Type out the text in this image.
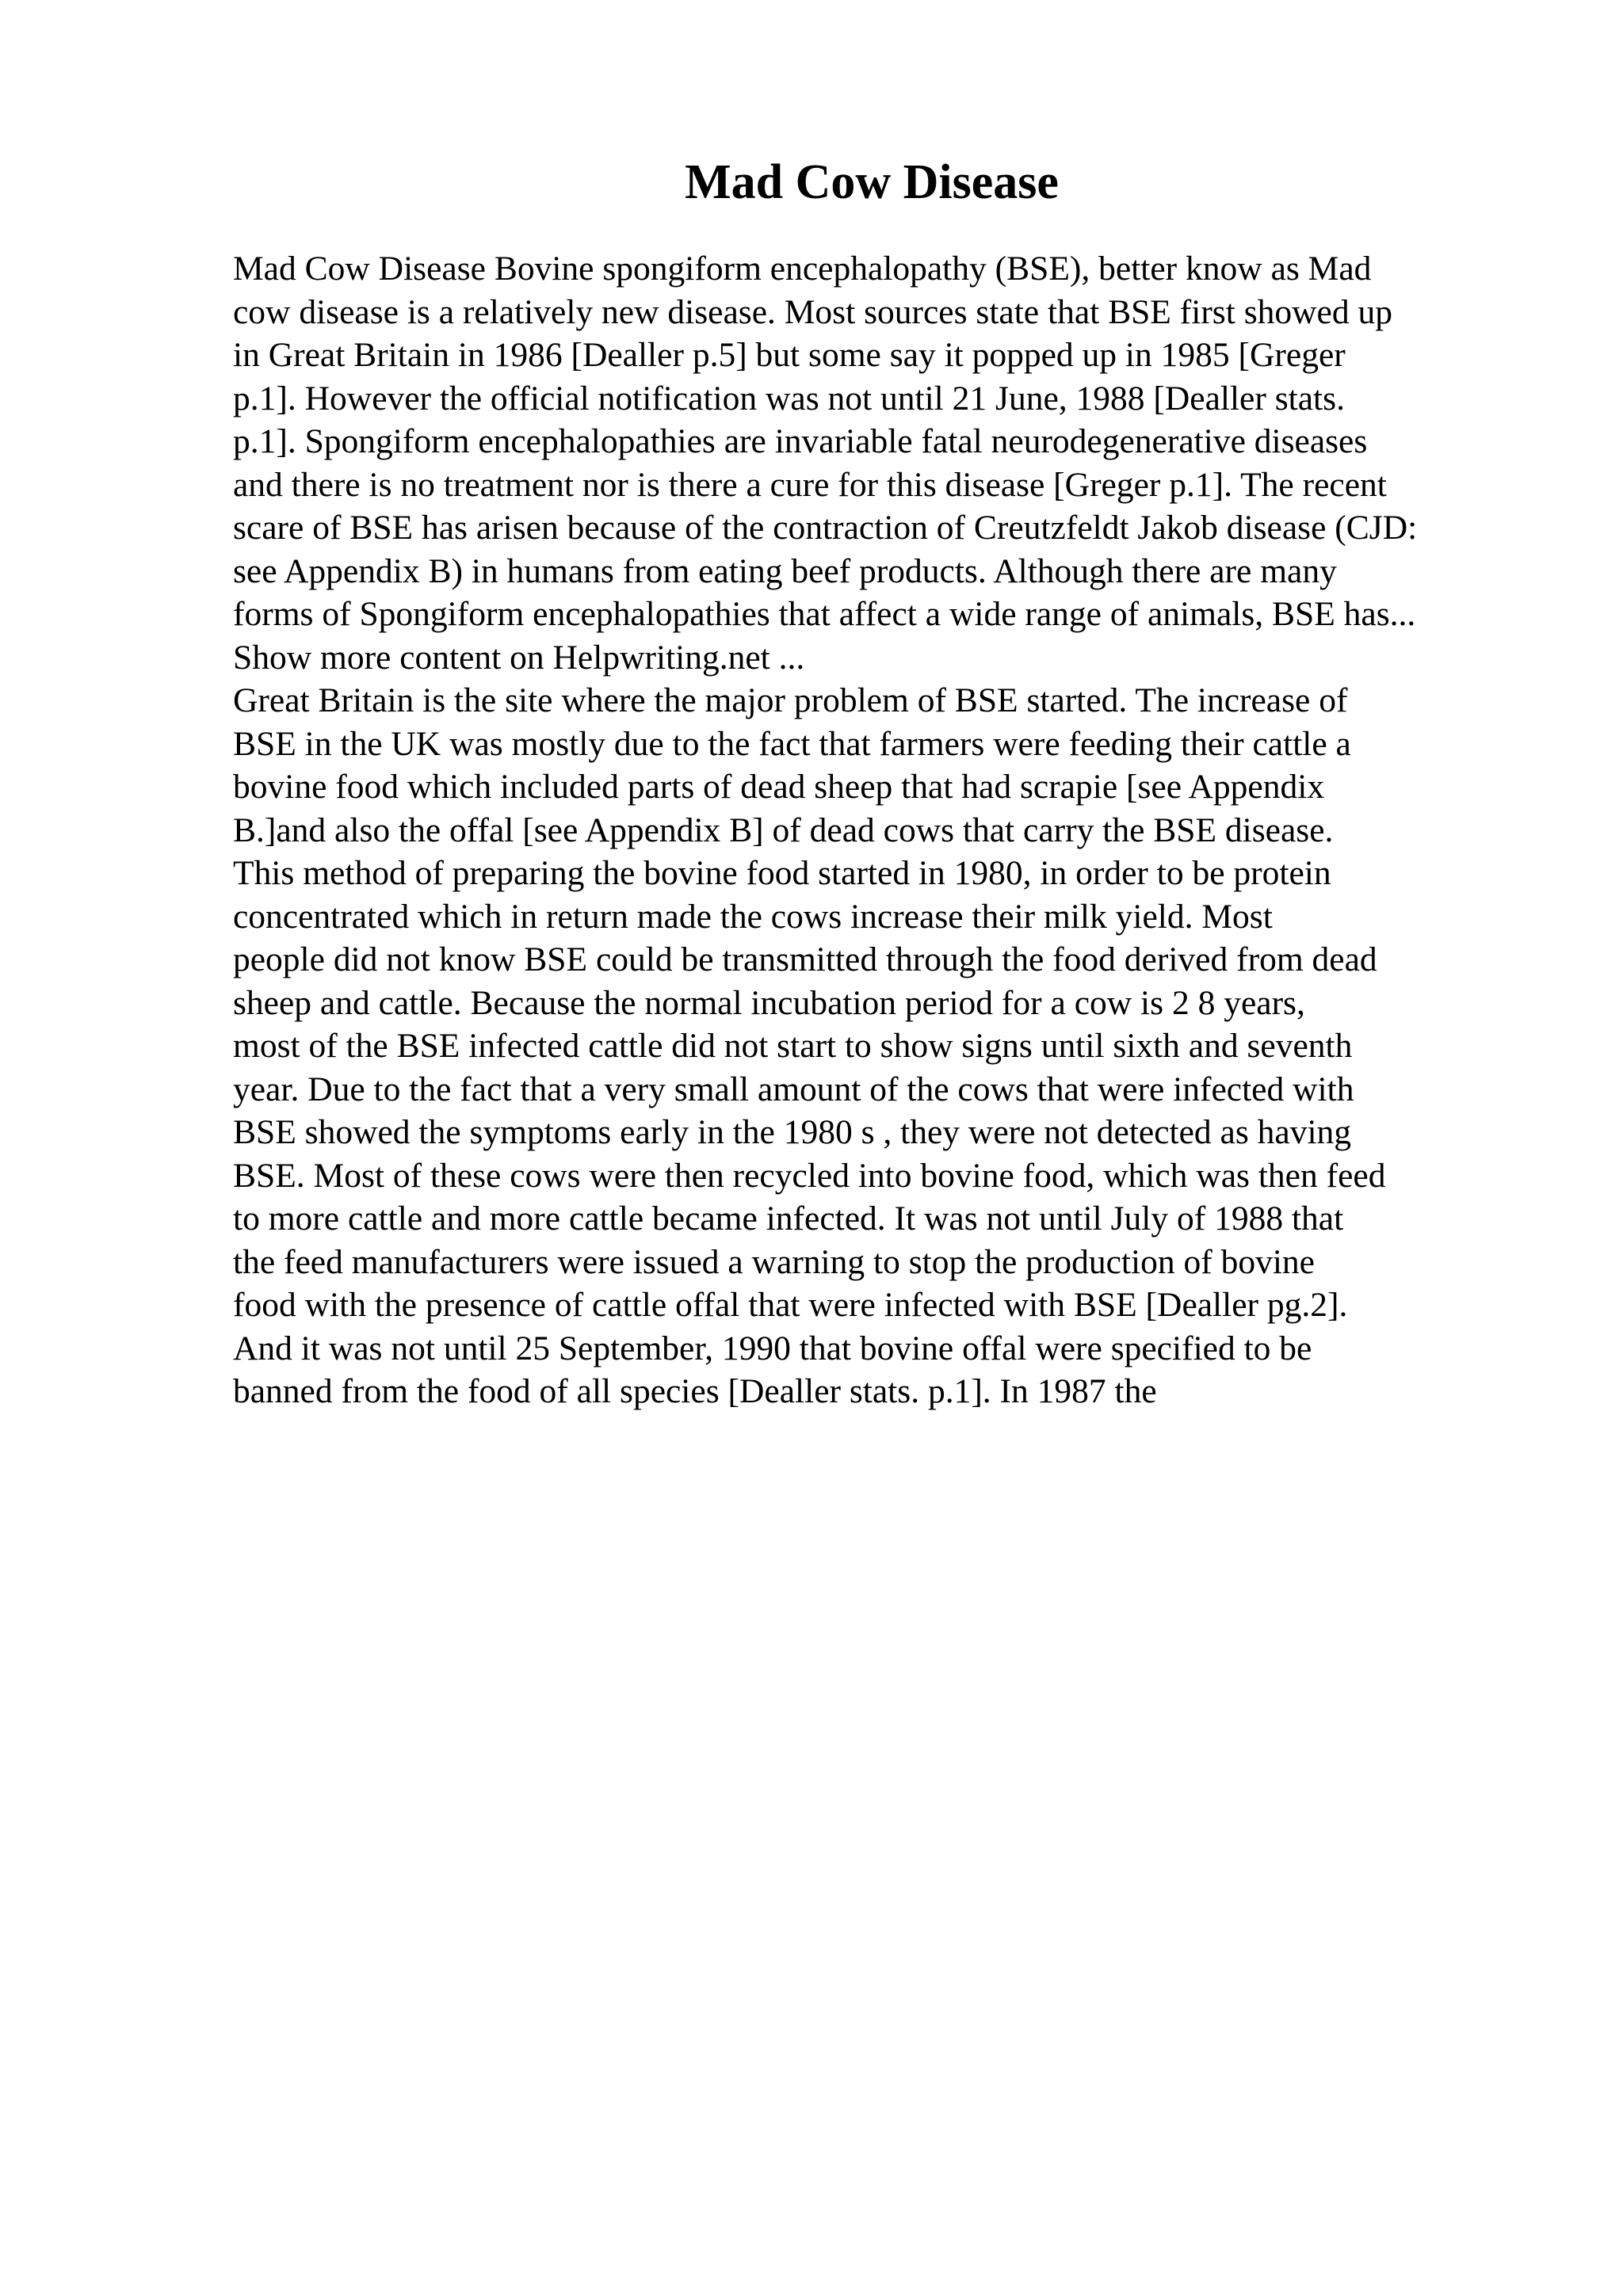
Mad Cow Disease
Mad Cow Disease Bovine spongiform encephalopathy (BSE), better know as Mad
cow disease is a relatively new disease. Most sources state that BSE first showed up
in Great Britain in 1986 [Dealler p.5] but some say it popped up in 1985 [Greger
p.1]. However the official notification was not until 21 June, 1988 [Dealler stats.
p.1]. Spongiform encephalopathies are invariable fatal neurodegenerative diseases
and there is no treatment nor is there a cure for this disease [Greger p.1]. The recent
scare of BSE has arisen because of the contraction of Creutzfeldt Jakob disease (CJD:
see Appendix B) in humans from eating beef products. Although there are many
forms of Spongiform encephalopathies that affect a wide range of animals, BSE has...
Show more content on Helpwriting.net ...
Great Britain is the site where the major problem of BSE started. The increase of
BSE in the UK was mostly due to the fact that farmers were feeding their cattle a
bovine food which included parts of dead sheep that had scrapie [see Appendix
B.]and also the offal [see Appendix B] of dead cows that carry the BSE disease.
This method of preparing the bovine food started in 1980, in order to be protein
concentrated which in return made the cows increase their milk yield. Most
people did not know BSE could be transmitted through the food derived from dead
sheep and cattle. Because the normal incubation period for a cow is 2 8 years,
most of the BSE infected cattle did not start to show signs until sixth and seventh
year. Due to the fact that a very small amount of the cows that were infected with
BSE showed the symptoms early in the 1980 s , they were not detected as having
BSE. Most of these cows were then recycled into bovine food, which was then feed
to more cattle and more cattle became infected. It was not until July of 1988 that
the feed manufacturers were issued a warning to stop the production of bovine
food with the presence of cattle offal that were infected with BSE [Dealler pg.2].
And it was not until 25 September, 1990 that bovine offal were specified to be
banned from the food of all species [Dealler stats. p.1]. In 1987 the
